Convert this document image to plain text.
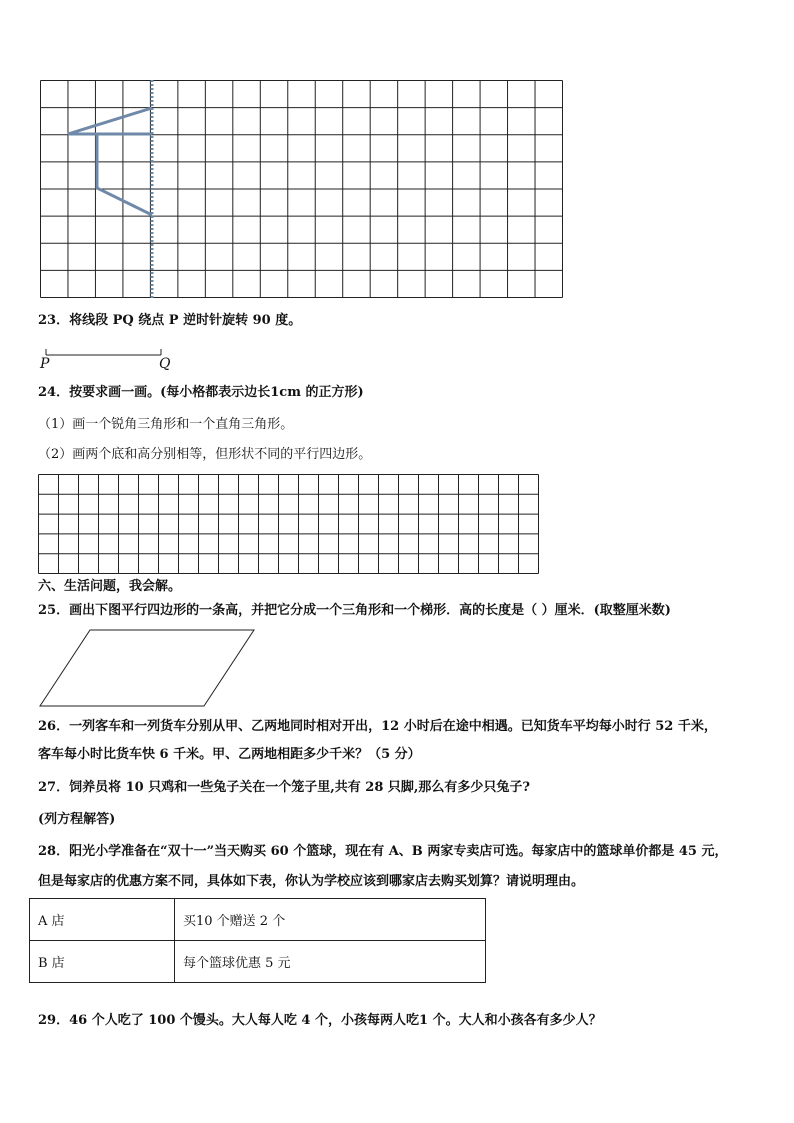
23．将线段 PQ 绕点 P 逆时针旋转 90 度。
P	Q
24．按要求画一画。(每小格都表示边长1cm 的正方形)
（1）画一个锐角三角形和一个直角三角形。
（2）画两个底和高分别相等，但形状不同的平行四边形。
六、生活问题，我会解。
25．画出下图平行四边形的一条高，并把它分成一个三角形和一个梯形．高的长度是（ ）厘米．(取整厘米数)
26．一列客车和一列货车分别从甲、乙两地同时相对开出，12 小时后在途中相遇。已知货车平均每小时行 52 千米，
客车每小时比货车快 6 千米。甲、乙两地相距多少千米？（5 分）
27．饲养员将 10 只鸡和一些兔子关在一个笼子里,共有 28 只脚,那么有多少只兔子?
(列方程解答)
28．阳光小学准备在“双十一”当天购买 60 个篮球，现在有 A、B 两家专卖店可选。每家店中的篮球单价都是 45 元，
但是每家店的优惠方案不同，具体如下表，你认为学校应该到哪家店去购买划算？请说明理由。
A 店	买10 个赠送 2 个
B 店	每个篮球优惠 5 元
29．46 个人吃了 100 个馒头。大人每人吃 4 个，小孩每两人吃1 个。大人和小孩各有多少人？
